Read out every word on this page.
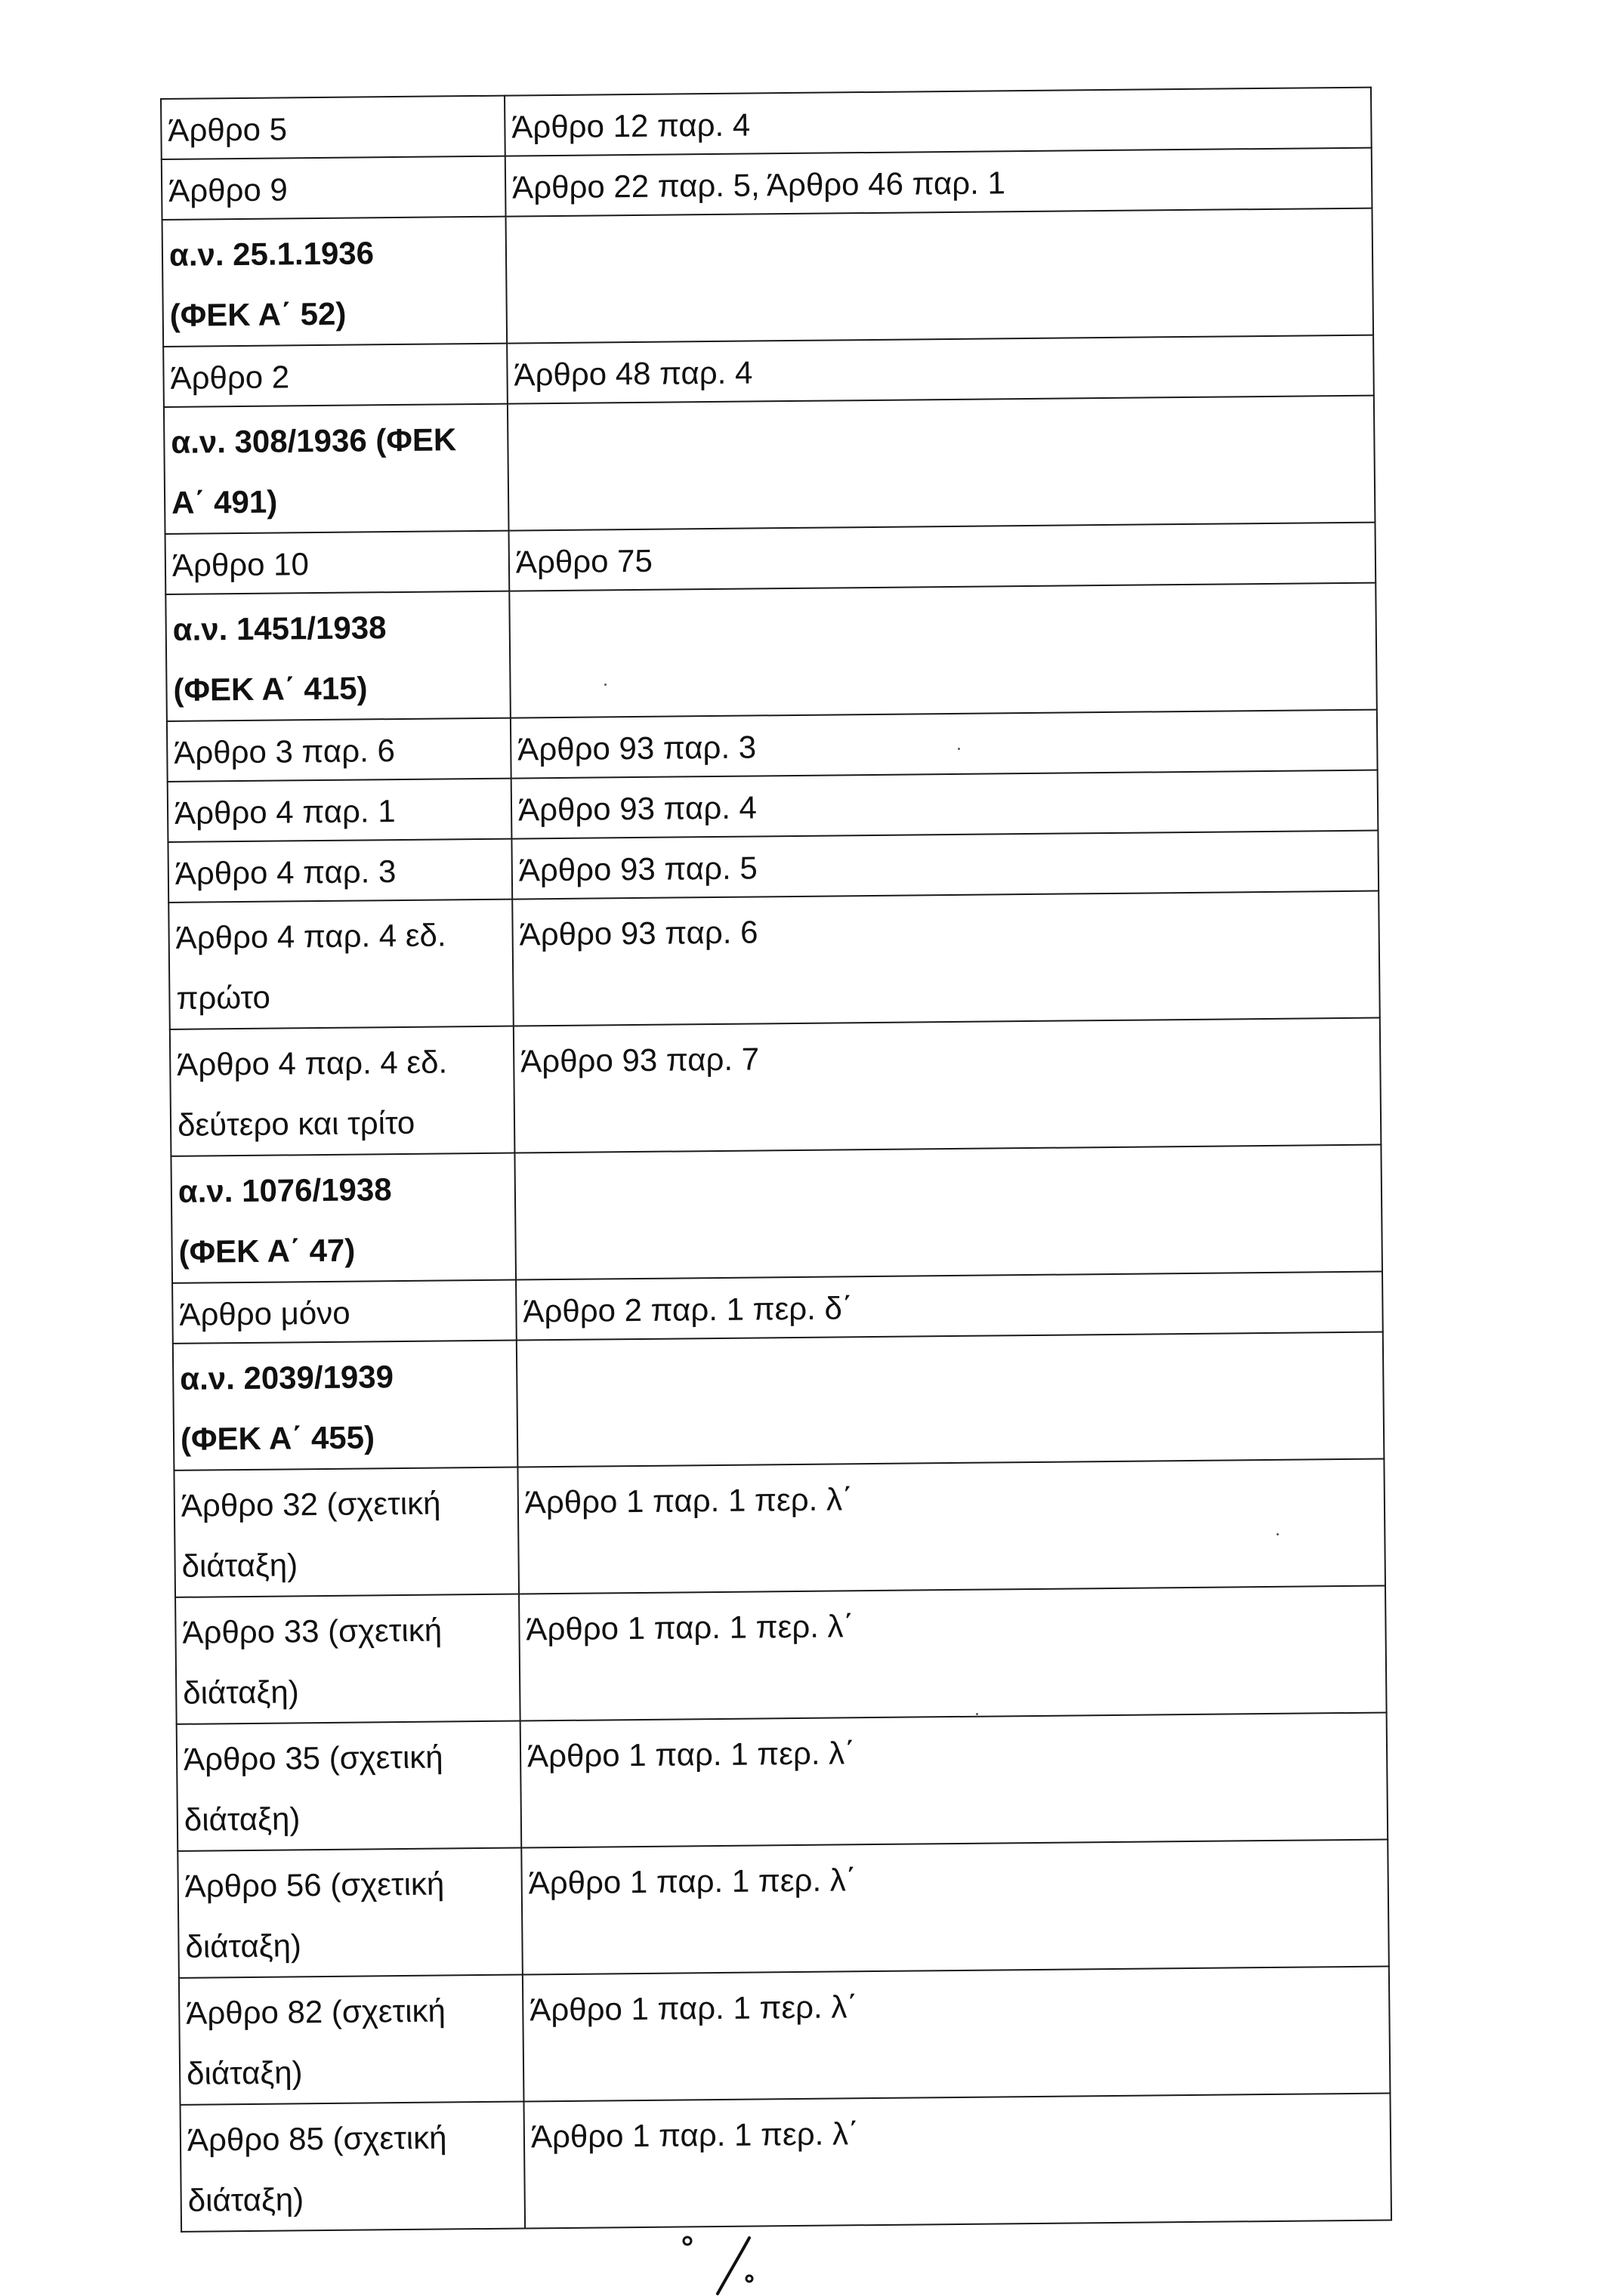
Άρθρο 5	Άρθρο 12 παρ. 4

Άρθρο 9	Άρθρο 22 παρ. 5, Άρθρο 46 παρ. 1

α.ν. 25.1.1936
(ΦΕΚ Α΄ 52)	

Άρθρο 2	Άρθρο 48 παρ. 4

α.ν. 308/1936 (ΦΕΚ
Α΄ 491)	

Άρθρο 10	Άρθρο 75

α.ν. 1451/1938
(ΦΕΚ Α΄ 415)	

Άρθρο 3 παρ. 6	Άρθρο 93 παρ. 3

Άρθρο 4 παρ. 1	Άρθρο 93 παρ. 4

Άρθρο 4 παρ. 3	Άρθρο 93 παρ. 5

Άρθρο 4 παρ. 4 εδ.
πρώτο	Άρθρο 93 παρ. 6

Άρθρο 4 παρ. 4 εδ.
δεύτερο και τρίτο	Άρθρο 93 παρ. 7

α.ν. 1076/1938
(ΦΕΚ Α΄ 47)	

Άρθρο μόνο	Άρθρο 2 παρ. 1 περ. δ΄

α.ν. 2039/1939
(ΦΕΚ Α΄ 455)	

Άρθρο 32 (σχετική
διάταξη)	Άρθρο 1 παρ. 1 περ. λ΄

Άρθρο 33 (σχετική
διάταξη)	Άρθρο 1 παρ. 1 περ. λ΄

Άρθρο 35 (σχετική
διάταξη)	Άρθρο 1 παρ. 1 περ. λ΄

Άρθρο 56 (σχετική
διάταξη)	Άρθρο 1 παρ. 1 περ. λ΄

Άρθρο 82 (σχετική
διάταξη)	Άρθρο 1 παρ. 1 περ. λ΄

Άρθρο 85 (σχετική
διάταξη)	Άρθρο 1 παρ. 1 περ. λ΄
